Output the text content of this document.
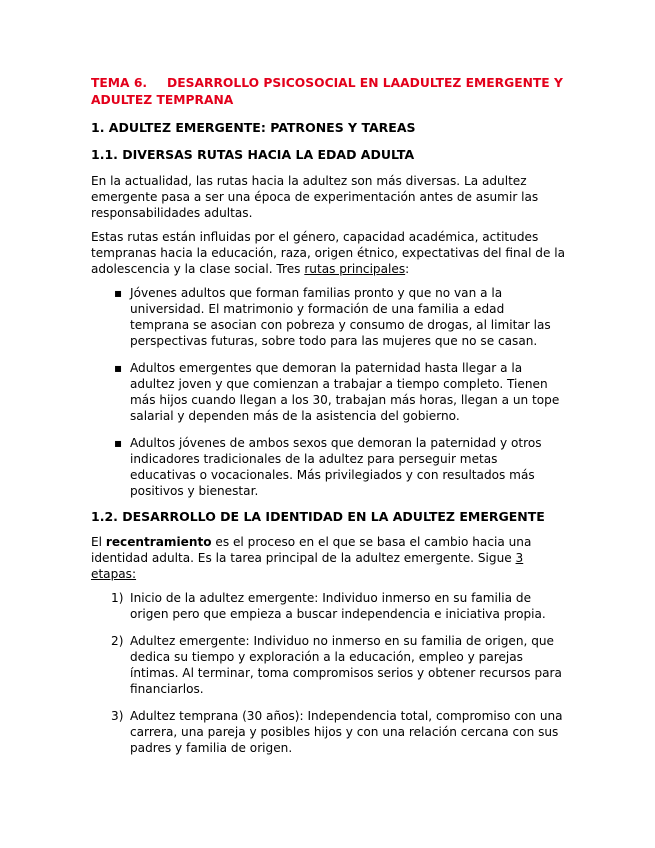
TEMA 6. DESARROLLO PSICOSOCIAL EN LAADULTEZ EMERGENTE Y ADULTEZ TEMPRANA
1. ADULTEZ EMERGENTE: PATRONES Y TAREAS
1.1. DIVERSAS RUTAS HACIA LA EDAD ADULTA

En la actualidad, las rutas hacia la adultez son más diversas. La adultez emergente pasa a ser una época de experimentación antes de asumir las responsabilidades adultas.

Estas rutas están influidas por el género, capacidad académica, actitudes tempranas hacia la educación, raza, origen étnico, expectativas del final de la adolescencia y la clase social. Tres rutas principales:

▪ Jóvenes adultos que forman familias pronto y que no van a la universidad. El matrimonio y formación de una familia a edad temprana se asocian con pobreza y consumo de drogas, al limitar las perspectivas futuras, sobre todo para las mujeres que no se casan.
▪ Adultos emergentes que demoran la paternidad hasta llegar a la adultez joven y que comienzan a trabajar a tiempo completo. Tienen más hijos cuando llegan a los 30, trabajan más horas, llegan a un tope salarial y dependen más de la asistencia del gobierno.
▪ Adultos jóvenes de ambos sexos que demoran la paternidad y otros indicadores tradicionales de la adultez para perseguir metas educativas o vocacionales. Más privilegiados y con resultados más positivos y bienestar.
1.2. DESARROLLO DE LA IDENTIDAD EN LA ADULTEZ EMERGENTE

El recentramiento es el proceso en el que se basa el cambio hacia una identidad adulta. Es la tarea principal de la adultez emergente. Sigue 3 etapas:

1) Inicio de la adultez emergente: Individuo inmerso en su familia de origen pero que empieza a buscar independencia e iniciativa propia.
2) Adultez emergente: Individuo no inmerso en su familia de origen, que dedica su tiempo y exploración a la educación, empleo y parejas íntimas. Al terminar, toma compromisos serios y obtener recursos para financiarlos.
3) Adultez temprana (30 años): Independencia total, compromiso con una carrera, una pareja y posibles hijos y con una relación cercana con sus padres y familia de origen.
